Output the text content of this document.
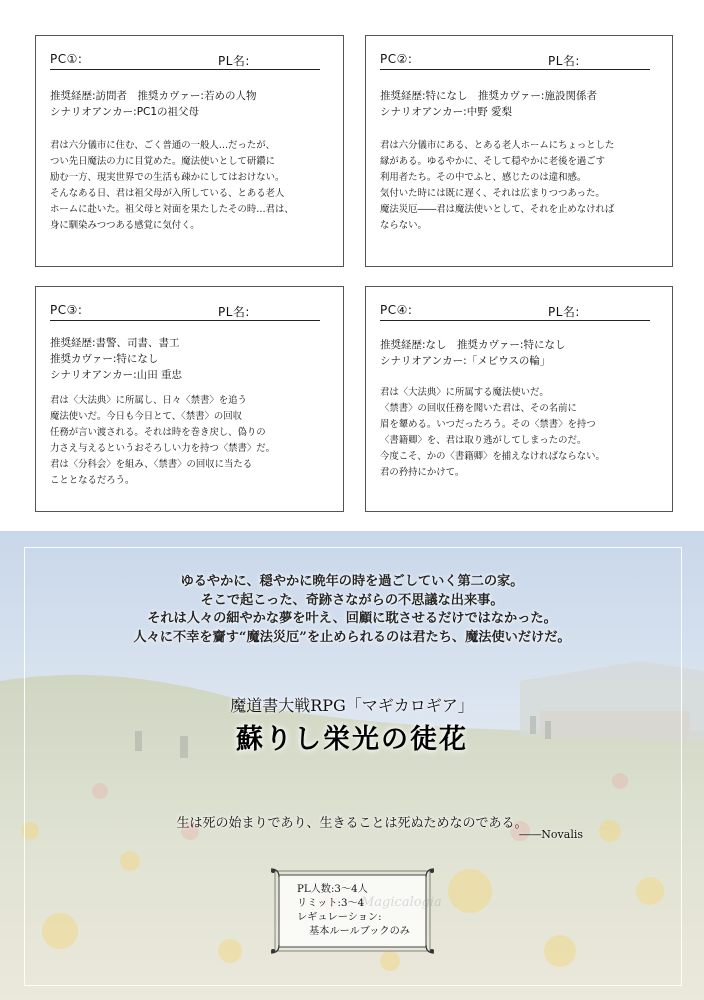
PC①:	PL名:
推奨経歴:訪問者　推奨カヴァー:若めの人物
シナリオアンカー:PC1の祖父母
君は六分儀市に住む、ごく普通の一般人…だったが、
つい先日魔法の力に目覚めた。魔法使いとして研鑽に
励む一方、現実世界での生活も疎かにしてはおけない。
そんなある日、君は祖父母が入所している、とある老人
ホームに赴いた。祖父母と対面を果たしたその時…君は、
身に馴染みつつある感覚に気付く。
PC②:	PL名:
推奨経歴:特になし　推奨カヴァー:施設関係者
シナリオアンカー:中野 愛梨
君は六分儀市にある、とある老人ホームにちょっとした
縁がある。ゆるやかに、そして穏やかに老後を過ごす
利用者たち。その中でふと、感じたのは違和感。
気付いた時には既に遅く、それは広まりつつあった。
魔法災厄――君は魔法使いとして、それを止めなければ
ならない。
PC③:	PL名:
推奨経歴:書警、司書、書工
推奨カヴァー:特になし
シナリオアンカー:山田 重忠
君は〈大法典〉に所属し、日々〈禁書〉を追う
魔法使いだ。今日も今日とて、〈禁書〉の回収
任務が言い渡される。それは時を巻き戻し、偽りの
力さえ与えるというおそろしい力を持つ〈禁書〉だ。
君は〈分科会〉を組み、〈禁書〉の回収に当たる
こととなるだろう。
PC④:	PL名:
推奨経歴:なし　推奨カヴァー:特になし
シナリオアンカー:「メビウスの輪」
君は〈大法典〉に所属する魔法使いだ。
〈禁書〉の回収任務を聞いた君は、その名前に
眉を顰める。いつだったろう。その〈禁書〉を持つ
〈書籍卿〉を、君は取り逃がしてしまったのだ。
今度こそ、かの〈書籍卿〉を捕えなければならない。
君の矜持にかけて。
ゆるやかに、穏やかに晩年の時を過ごしていく第二の家。
そこで起こった、奇跡さながらの不思議な出来事。
それは人々の細やかな夢を叶え、回顧に耽させるだけではなかった。
人々に不幸を齎す“魔法災厄”を止められるのは君たち、魔法使いだけだ。
魔道書大戦RPG「マギカロギア」
蘇りし栄光の徒花
生は死の始まりであり、生きることは死ぬためなのである。
――Novalis
Magicalogia
PL人数:3〜4人
リミット:3〜4
レギュレーション:
基本ルールブックのみ
